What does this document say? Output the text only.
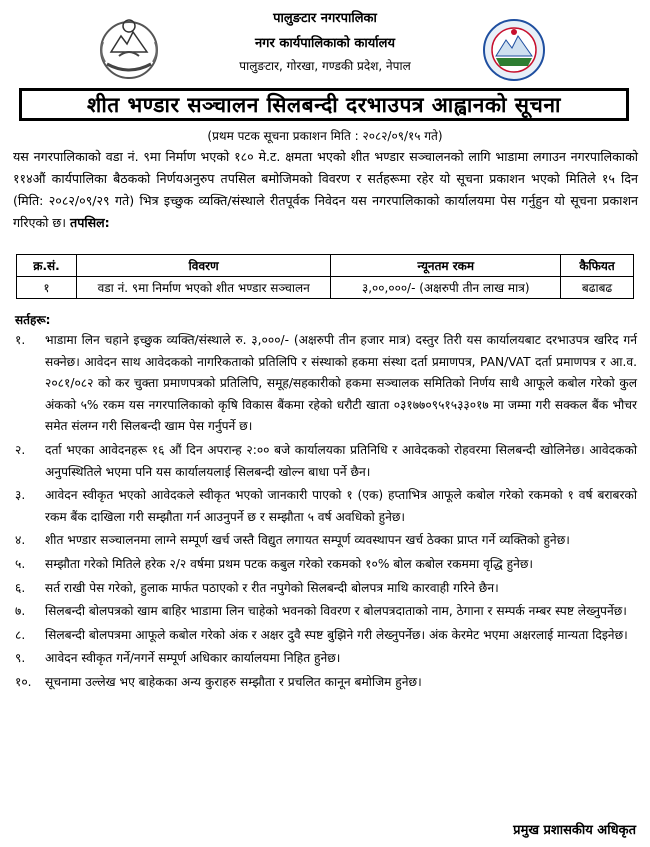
पालुङटार नगरपालिका
नगर कार्यपालिकाको कार्यालय
पालुङटार, गोरखा, गण्डकी प्रदेश, नेपाल
शीत भण्डार सञ्चालन सिलबन्दी दरभाउपत्र आह्वानको सूचना
(प्रथम पटक सूचना प्रकाशन मिति : २०८२/०९/१५ गते)
यस नगरपालिकाको वडा नं. ९मा निर्माण भएको १८० मे.ट. क्षमता भएको शीत भण्डार सञ्चालनको लागि भाडामा लगाउन नगरपालिकाको ११४औं कार्यपालिका बैठकको निर्णयअनुरुप तपसिल बमोजिमको विवरण र सर्तहरूमा रहेर यो सूचना प्रकाशन भएको मितिले १५ दिन (मिति: २०८२/०९/२९ गते) भित्र इच्छुक व्यक्ति/संस्थाले रीतपूर्वक निवेदन यस नगरपालिकाको कार्यालयमा पेस गर्नुहुन यो सूचना प्रकाशन गरिएको छ। तपसिल:
क्र.सं.	विवरण	न्यूनतम रकम	कैफियत
१	वडा नं. ९मा निर्माण भएको शीत भण्डार सञ्चालन	३,००,०००/- (अक्षरुपी तीन लाख मात्र)	बढाबढ
सर्तहरू:
१. भाडामा लिन चहाने इच्छुक व्यक्ति/संस्थाले रु. ३,०००/- (अक्षरुपी तीन हजार मात्र) दस्तुर तिरी यस कार्यालयबाट दरभाउपत्र खरिद गर्न सक्नेछ। आवेदन साथ आवेदकको नागरिकताको प्रतिलिपि र संस्थाको हकमा संस्था दर्ता प्रमाणपत्र, PAN/VAT दर्ता प्रमाणपत्र र आ.व. २०८१/०८२ को कर चुक्ता प्रमाणपत्रको प्रतिलिपि, समूह/सहकारीको हकमा सञ्चालक समितिको निर्णय साथै आफूले कबोल गरेको कुल अंकको ५% रकम यस नगरपालिकाको कृषि विकास बैंकमा रहेको धरौटी खाता ०३१७७०९५१५३३०१७ मा जम्मा गरी सक्कल बैंक भौचर समेत संलग्न गरी सिलबन्दी खाम पेस गर्नुपर्ने छ।
२. दर्ता भएका आवेदनहरू १६ औं दिन अपरान्ह २:०० बजे कार्यालयका प्रतिनिधि र आवेदकको रोहवरमा सिलबन्दी खोलिनेछ। आवेदकको अनुपस्थितिले भएमा पनि यस कार्यालयलाई सिलबन्दी खोल्न बाधा पर्ने छैन।
३. आवेदन स्वीकृत भएको आवेदकले स्वीकृत भएको जानकारी पाएको १ (एक) हप्ताभित्र आफूले कबोल गरेको रकमको १ वर्ष बराबरको रकम बैंक दाखिला गरी सम्झौता गर्न आउनुपर्ने छ र सम्झौता ५ वर्ष अवधिको हुनेछ।
४. शीत भण्डार सञ्चालनमा लाग्ने सम्पूर्ण खर्च जस्तै विद्युत लगायत सम्पूर्ण व्यवस्थापन खर्च ठेक्का प्राप्त गर्ने व्यक्तिको हुनेछ।
५. सम्झौता गरेको मितिले हरेक २/२ वर्षमा प्रथम पटक कबुल गरेको रकमको १०% बोल कबोल रकममा वृद्धि हुनेछ।
६. सर्त राखी पेस गरेको, हुलाक मार्फत पठाएको र रीत नपुगेको सिलबन्दी बोलपत्र माथि कारवाही गरिने छैन।
७. सिलबन्दी बोलपत्रको खाम बाहिर भाडामा लिन चाहेको भवनको विवरण र बोलपत्रदाताको नाम, ठेगाना र सम्पर्क नम्बर स्पष्ट लेख्नुपर्नेछ।
८. सिलबन्दी बोलपत्रमा आफूले कबोल गरेको अंक र अक्षर दुवै स्पष्ट बुझिने गरी लेख्नुपर्नेछ। अंक केरमेट भएमा अक्षरलाई मान्यता दिइनेछ।
९. आवेदन स्वीकृत गर्ने/नगर्ने सम्पूर्ण अधिकार कार्यालयमा निहित हुनेछ।
१०. सूचनामा उल्लेख भए बाहेकका अन्य कुराहरु सम्झौता र प्रचलित कानून बमोजिम हुनेछ।
प्रमुख प्रशासकीय अधिकृत
